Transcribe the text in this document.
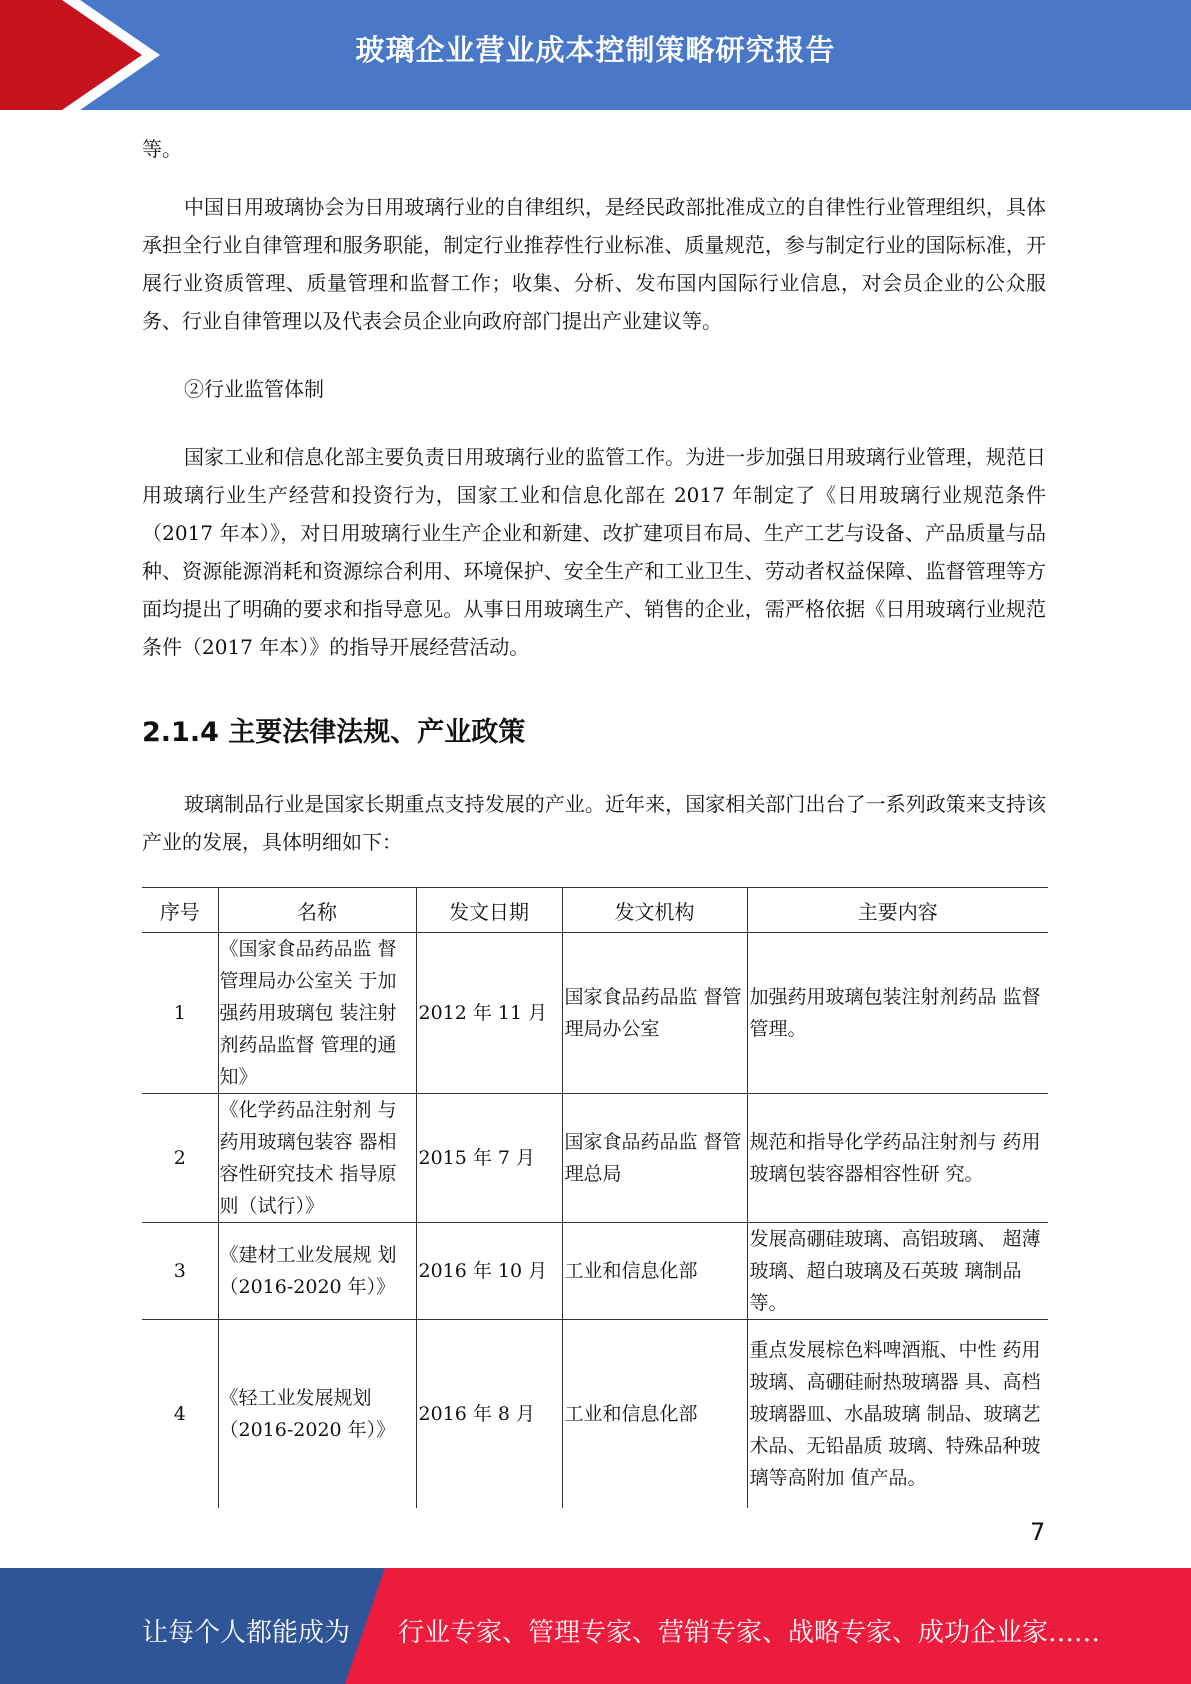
玻璃企业营业成本控制策略研究报告

等。

中国日用玻璃协会为日用玻璃行业的自律组织，是经民政部批准成立的自律性行业管理组织，具体承担全行业自律管理和服务职能，制定行业推荐性行业标准、质量规范，参与制定行业的国际标准，开展行业资质管理、质量管理和监督工作；收集、分析、发布国内国际行业信息，对会员企业的公众服务、行业自律管理以及代表会员企业向政府部门提出产业建议等。

②行业监管体制

国家工业和信息化部主要负责日用玻璃行业的监管工作。为进一步加强日用玻璃行业管理，规范日用玻璃行业生产经营和投资行为，国家工业和信息化部在 2017 年制定了《日用玻璃行业规范条件（2017 年本）》，对日用玻璃行业生产企业和新建、改扩建项目布局、生产工艺与设备、产品质量与品种、资源能源消耗和资源综合利用、环境保护、安全生产和工业卫生、劳动者权益保障、监督管理等方面均提出了明确的要求和指导意见。从事日用玻璃生产、销售的企业，需严格依据《日用玻璃行业规范条件（2017 年本）》的指导开展经营活动。

2.1.4 主要法律法规、产业政策

玻璃制品行业是国家长期重点支持发展的产业。近年来，国家相关部门出台了一系列政策来支持该产业的发展，具体明细如下：

序号	名称	发文日期	发文机构	主要内容
1	《国家食品药品监 督管理局办公室关 于加强药用玻璃包 装注射剂药品监督 管理的通知》	2012 年 11 月	国家食品药品监 督管理局办公室	加强药用玻璃包装注射剂药品 监督管理。
2	《化学药品注射剂 与药用玻璃包装容 器相容性研究技术 指导原则（试行）》	2015 年 7 月	国家食品药品监 督管理总局	规范和指导化学药品注射剂与 药用玻璃包装容器相容性研 究。
3	《建材工业发展规 划（2016-2020 年）》	2016 年 10 月	工业和信息化部	发展高硼硅玻璃、高铝玻璃、 超薄玻璃、超白玻璃及石英玻 璃制品等。
4	《轻工业发展规划（2016-2020 年）》	2016 年 8 月	工业和信息化部	重点发展棕色料啤酒瓶、中性 药用玻璃、高硼硅耐热玻璃器 具、高档玻璃器皿、水晶玻璃 制品、玻璃艺术品、无铅晶质 玻璃、特殊品种玻璃等高附加 值产品。
7
让每个人都能成为 行业专家、管理专家、营销专家、战略专家、成功企业家……
